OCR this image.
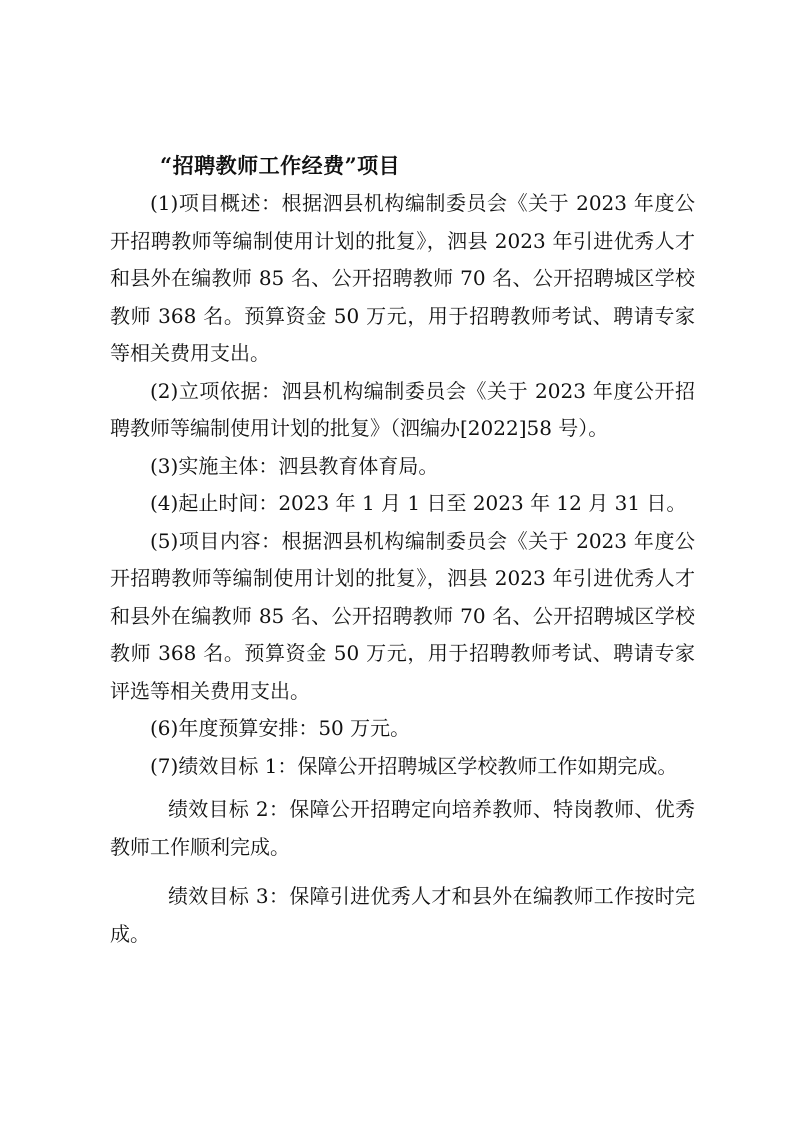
“招聘教师工作经费”项目

(1)项目概述：根据泗县机构编制委员会《关于 2023 年度公开招聘教师等编制使用计划的批复》，泗县 2023 年引进优秀人才和县外在编教师 85 名、公开招聘教师 70 名、公开招聘城区学校教师 368 名。预算资金 50 万元，用于招聘教师考试、聘请专家等相关费用支出。

(2)立项依据：泗县机构编制委员会《关于 2023 年度公开招聘教师等编制使用计划的批复》（泗编办[2022]58 号）。

(3)实施主体：泗县教育体育局。

(4)起止时间：2023 年 1 月 1 日至 2023 年 12 月 31 日。

(5)项目内容：根据泗县机构编制委员会《关于 2023 年度公开招聘教师等编制使用计划的批复》，泗县 2023 年引进优秀人才和县外在编教师 85 名、公开招聘教师 70 名、公开招聘城区学校教师 368 名。预算资金 50 万元，用于招聘教师考试、聘请专家评选等相关费用支出。

(6)年度预算安排：50 万元。

(7)绩效目标 1：保障公开招聘城区学校教师工作如期完成。

绩效目标 2：保障公开招聘定向培养教师、特岗教师、优秀教师工作顺利完成。

绩效目标 3：保障引进优秀人才和县外在编教师工作按时完成。
